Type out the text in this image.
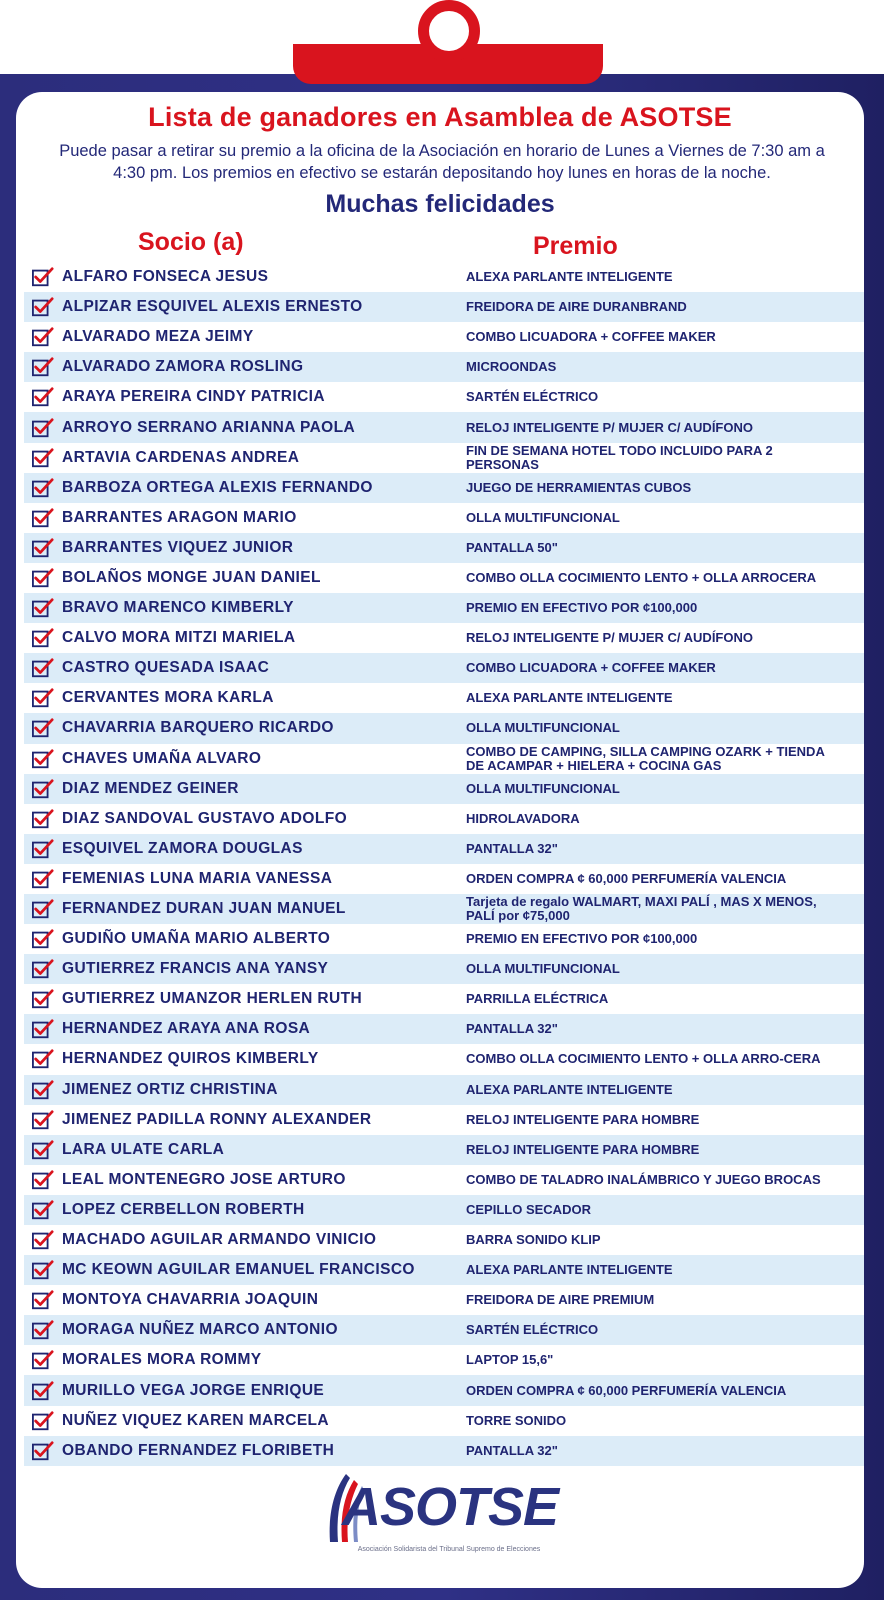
Lista de ganadores en Asamblea de ASOTSE
Puede pasar a retirar su premio a la oficina de la Asociación en horario de Lunes a Viernes de 7:30 am a 4:30 pm. Los premios en efectivo se estarán depositando hoy lunes en horas de la noche.
Muchas felicidades
Socio (a)	Premio
ALFARO FONSECA JESUS	ALEXA PARLANTE INTELIGENTE
ALPIZAR ESQUIVEL ALEXIS ERNESTO	FREIDORA DE AIRE DURANBRAND
ALVARADO MEZA JEIMY	COMBO LICUADORA + COFFEE MAKER
ALVARADO ZAMORA ROSLING	MICROONDAS
ARAYA PEREIRA CINDY PATRICIA	SARTÉN ELÉCTRICO
ARROYO SERRANO ARIANNA PAOLA	RELOJ INTELIGENTE P/ MUJER C/ AUDÍFONO
ARTAVIA CARDENAS ANDREA	FIN DE SEMANA HOTEL TODO INCLUIDO PARA 2 PERSONAS
BARBOZA ORTEGA ALEXIS FERNANDO	JUEGO DE HERRAMIENTAS CUBOS
BARRANTES ARAGON MARIO	OLLA MULTIFUNCIONAL
BARRANTES VIQUEZ JUNIOR	PANTALLA 50"
BOLAÑOS MONGE JUAN DANIEL	COMBO OLLA COCIMIENTO LENTO + OLLA ARROCERA
BRAVO MARENCO KIMBERLY	PREMIO EN EFECTIVO POR ¢100,000
CALVO MORA MITZI MARIELA	RELOJ INTELIGENTE P/ MUJER C/ AUDÍFONO
CASTRO QUESADA ISAAC	COMBO LICUADORA + COFFEE MAKER
CERVANTES MORA KARLA	ALEXA PARLANTE INTELIGENTE
CHAVARRIA BARQUERO RICARDO	OLLA MULTIFUNCIONAL
CHAVES UMAÑA ALVARO	COMBO DE CAMPING, SILLA CAMPING OZARK + TIENDA DE ACAMPAR + HIELERA + COCINA GAS
DIAZ MENDEZ GEINER	OLLA MULTIFUNCIONAL
DIAZ SANDOVAL GUSTAVO ADOLFO	HIDROLAVADORA
ESQUIVEL ZAMORA DOUGLAS	PANTALLA 32"
FEMENIAS LUNA MARIA VANESSA	ORDEN COMPRA ¢ 60,000 PERFUMERÍA VALENCIA
FERNANDEZ DURAN JUAN MANUEL	Tarjeta de regalo WALMART, MAXI PALÍ , MAS X MENOS, PALÍ por ¢75,000
GUDIÑO UMAÑA MARIO ALBERTO	PREMIO EN EFECTIVO POR ¢100,000
GUTIERREZ FRANCIS ANA YANSY	OLLA MULTIFUNCIONAL
GUTIERREZ UMANZOR HERLEN RUTH	PARRILLA ELÉCTRICA
HERNANDEZ ARAYA ANA ROSA	PANTALLA 32"
HERNANDEZ QUIROS KIMBERLY	COMBO OLLA COCIMIENTO LENTO + OLLA ARRO-CERA
JIMENEZ ORTIZ CHRISTINA	ALEXA PARLANTE INTELIGENTE
JIMENEZ PADILLA RONNY ALEXANDER	RELOJ INTELIGENTE PARA HOMBRE
LARA ULATE CARLA	RELOJ INTELIGENTE PARA HOMBRE
LEAL MONTENEGRO JOSE ARTURO	COMBO DE TALADRO INALÁMBRICO Y JUEGO BROCAS
LOPEZ CERBELLON ROBERTH	CEPILLO SECADOR
MACHADO AGUILAR ARMANDO VINICIO	BARRA SONIDO KLIP
MC KEOWN AGUILAR EMANUEL FRANCISCO	ALEXA PARLANTE INTELIGENTE
MONTOYA CHAVARRIA JOAQUIN	FREIDORA DE AIRE PREMIUM
MORAGA NUÑEZ MARCO ANTONIO	SARTÉN ELÉCTRICO
MORALES MORA ROMMY	LAPTOP 15,6"
MURILLO VEGA JORGE ENRIQUE	ORDEN COMPRA ¢ 60,000 PERFUMERÍA VALENCIA
NUÑEZ VIQUEZ KAREN MARCELA	TORRE SONIDO
OBANDO FERNANDEZ FLORIBETH	PANTALLA 32"
ASOTSE
Asociación Solidarista del Tribunal Supremo de Elecciones
